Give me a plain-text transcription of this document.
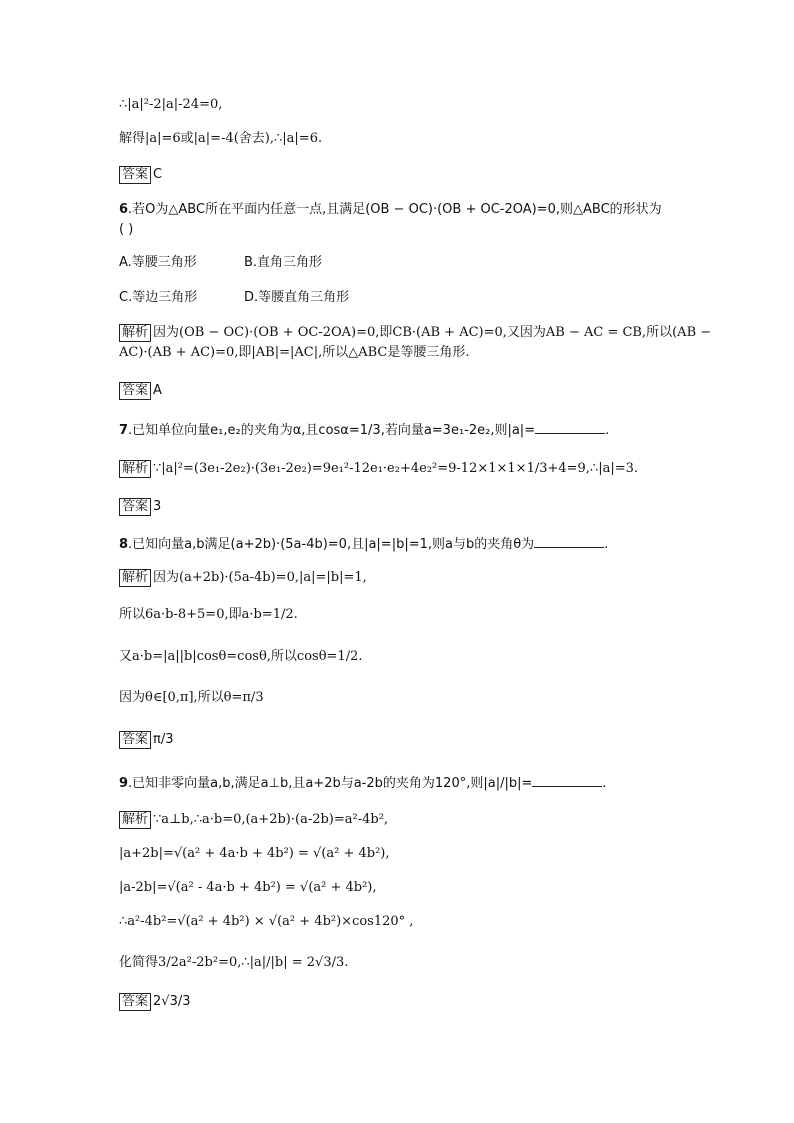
∴|a|²-2|a|-24=0,
解得|a|=6或|a|=-4(舍去),∴|a|=6.
答案 C
6.若O为△ABC所在平面内任意一点,且满足(OB − OC)·(OB + OC-2OA)=0,则△ABC的形状为
( )
A.等腰三角形	B.直角三角形
C.等边三角形	D.等腰直角三角形
解析 因为(OB − OC)·(OB + OC-2OA)=0,即CB·(AB + AC)=0,又因为AB − AC = CB,所以(AB −
AC)·(AB + AC)=0,即|AB|=|AC|,所以△ABC是等腰三角形.
答案 A
7.已知单位向量e₁,e₂的夹角为α,且cosα=1/3,若向量a=3e₁-2e₂,则|a|=	.
解析 ∵|a|²=(3e₁-2e₂)·(3e₁-2e₂)=9e₁²-12e₁·e₂+4e₂²=9-12×1×1×1/3+4=9,∴|a|=3.
答案 3
8.已知向量a,b满足(a+2b)·(5a-4b)=0,且|a|=|b|=1,则a与b的夹角θ为	.
解析 因为(a+2b)·(5a-4b)=0,|a|=|b|=1,
所以6a·b-8+5=0,即a·b=1/2.
又a·b=|a||b|cosθ=cosθ,所以cosθ=1/2.
因为θ∈[0,π],所以θ=π/3
答案 π/3
9.已知非零向量a,b,满足a⊥b,且a+2b与a-2b的夹角为120°,则|a|/|b|=	.
解析 ∵a⊥b,∴a·b=0,(a+2b)·(a-2b)=a²-4b²,
|a+2b|=√(a² + 4a·b + 4b²) = √(a² + 4b²),
|a-2b|=√(a² - 4a·b + 4b²) = √(a² + 4b²),
∴a²-4b²=√(a² + 4b²) × √(a² + 4b²)×cos120° ,
化简得3/2a²-2b²=0,∴|a|/|b| = 2√3/3.
答案 2√3/3
